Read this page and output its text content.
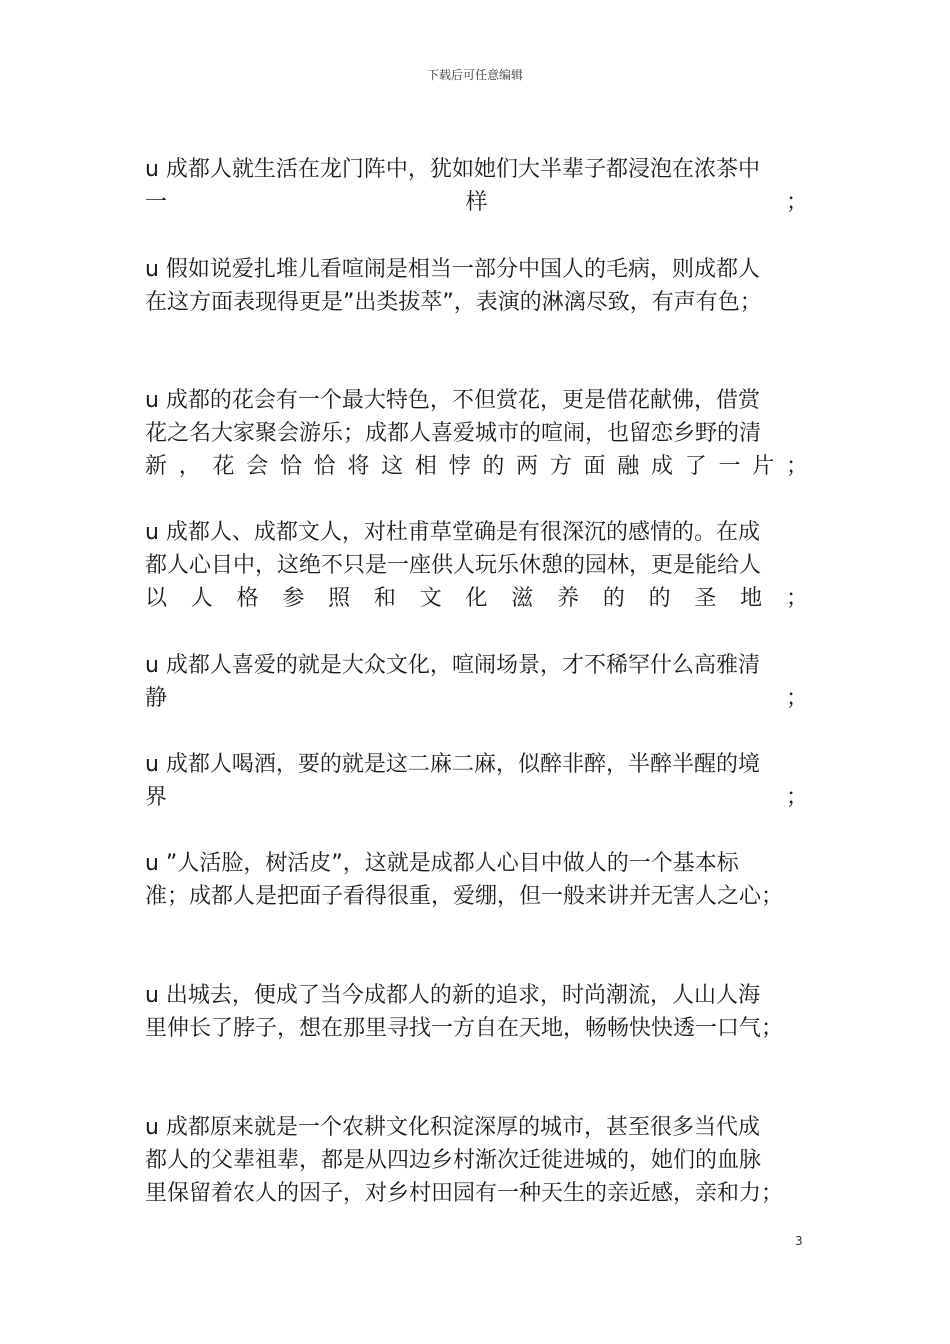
下载后可任意编辑
u 成都人就生活在龙门阵中，犹如她们大半辈子都浸泡在浓茶中
一	样	；
u 假如说爱扎堆儿看喧闹是相当一部分中国人的毛病，则成都人
在这方面表现得更是”出类拔萃”，表演的淋漓尽致，有声有色；
u 成都的花会有一个最大特色，不但赏花，更是借花献佛，借赏
花之名大家聚会游乐；成都人喜爱城市的喧闹，也留恋乡野的清
新 ， 花 会 恰 恰 将 这 相 悖 的 两 方 面 融 成 了 一 片 ；
u 成都人、成都文人，对杜甫草堂确是有很深沉的感情的。在成
都人心目中，这绝不只是一座供人玩乐休憩的园林，更是能给人
以 人 格 参 照 和 文 化 滋 养 的 的 圣 地 ；
u 成都人喜爱的就是大众文化，喧闹场景，才不稀罕什么高雅清
静	；
u 成都人喝酒，要的就是这二麻二麻，似醉非醉，半醉半醒的境
界	；
u ”人活脸，树活皮”，这就是成都人心目中做人的一个基本标
准；成都人是把面子看得很重，爱绷，但一般来讲并无害人之心；
u 出城去，便成了当今成都人的新的追求，时尚潮流，人山人海
里伸长了脖子，想在那里寻找一方自在天地，畅畅快快透一口气；
u 成都原来就是一个农耕文化积淀深厚的城市，甚至很多当代成
都人的父辈祖辈，都是从四边乡村渐次迁徙进城的，她们的血脉
里保留着农人的因子，对乡村田园有一种天生的亲近感，亲和力；
3
